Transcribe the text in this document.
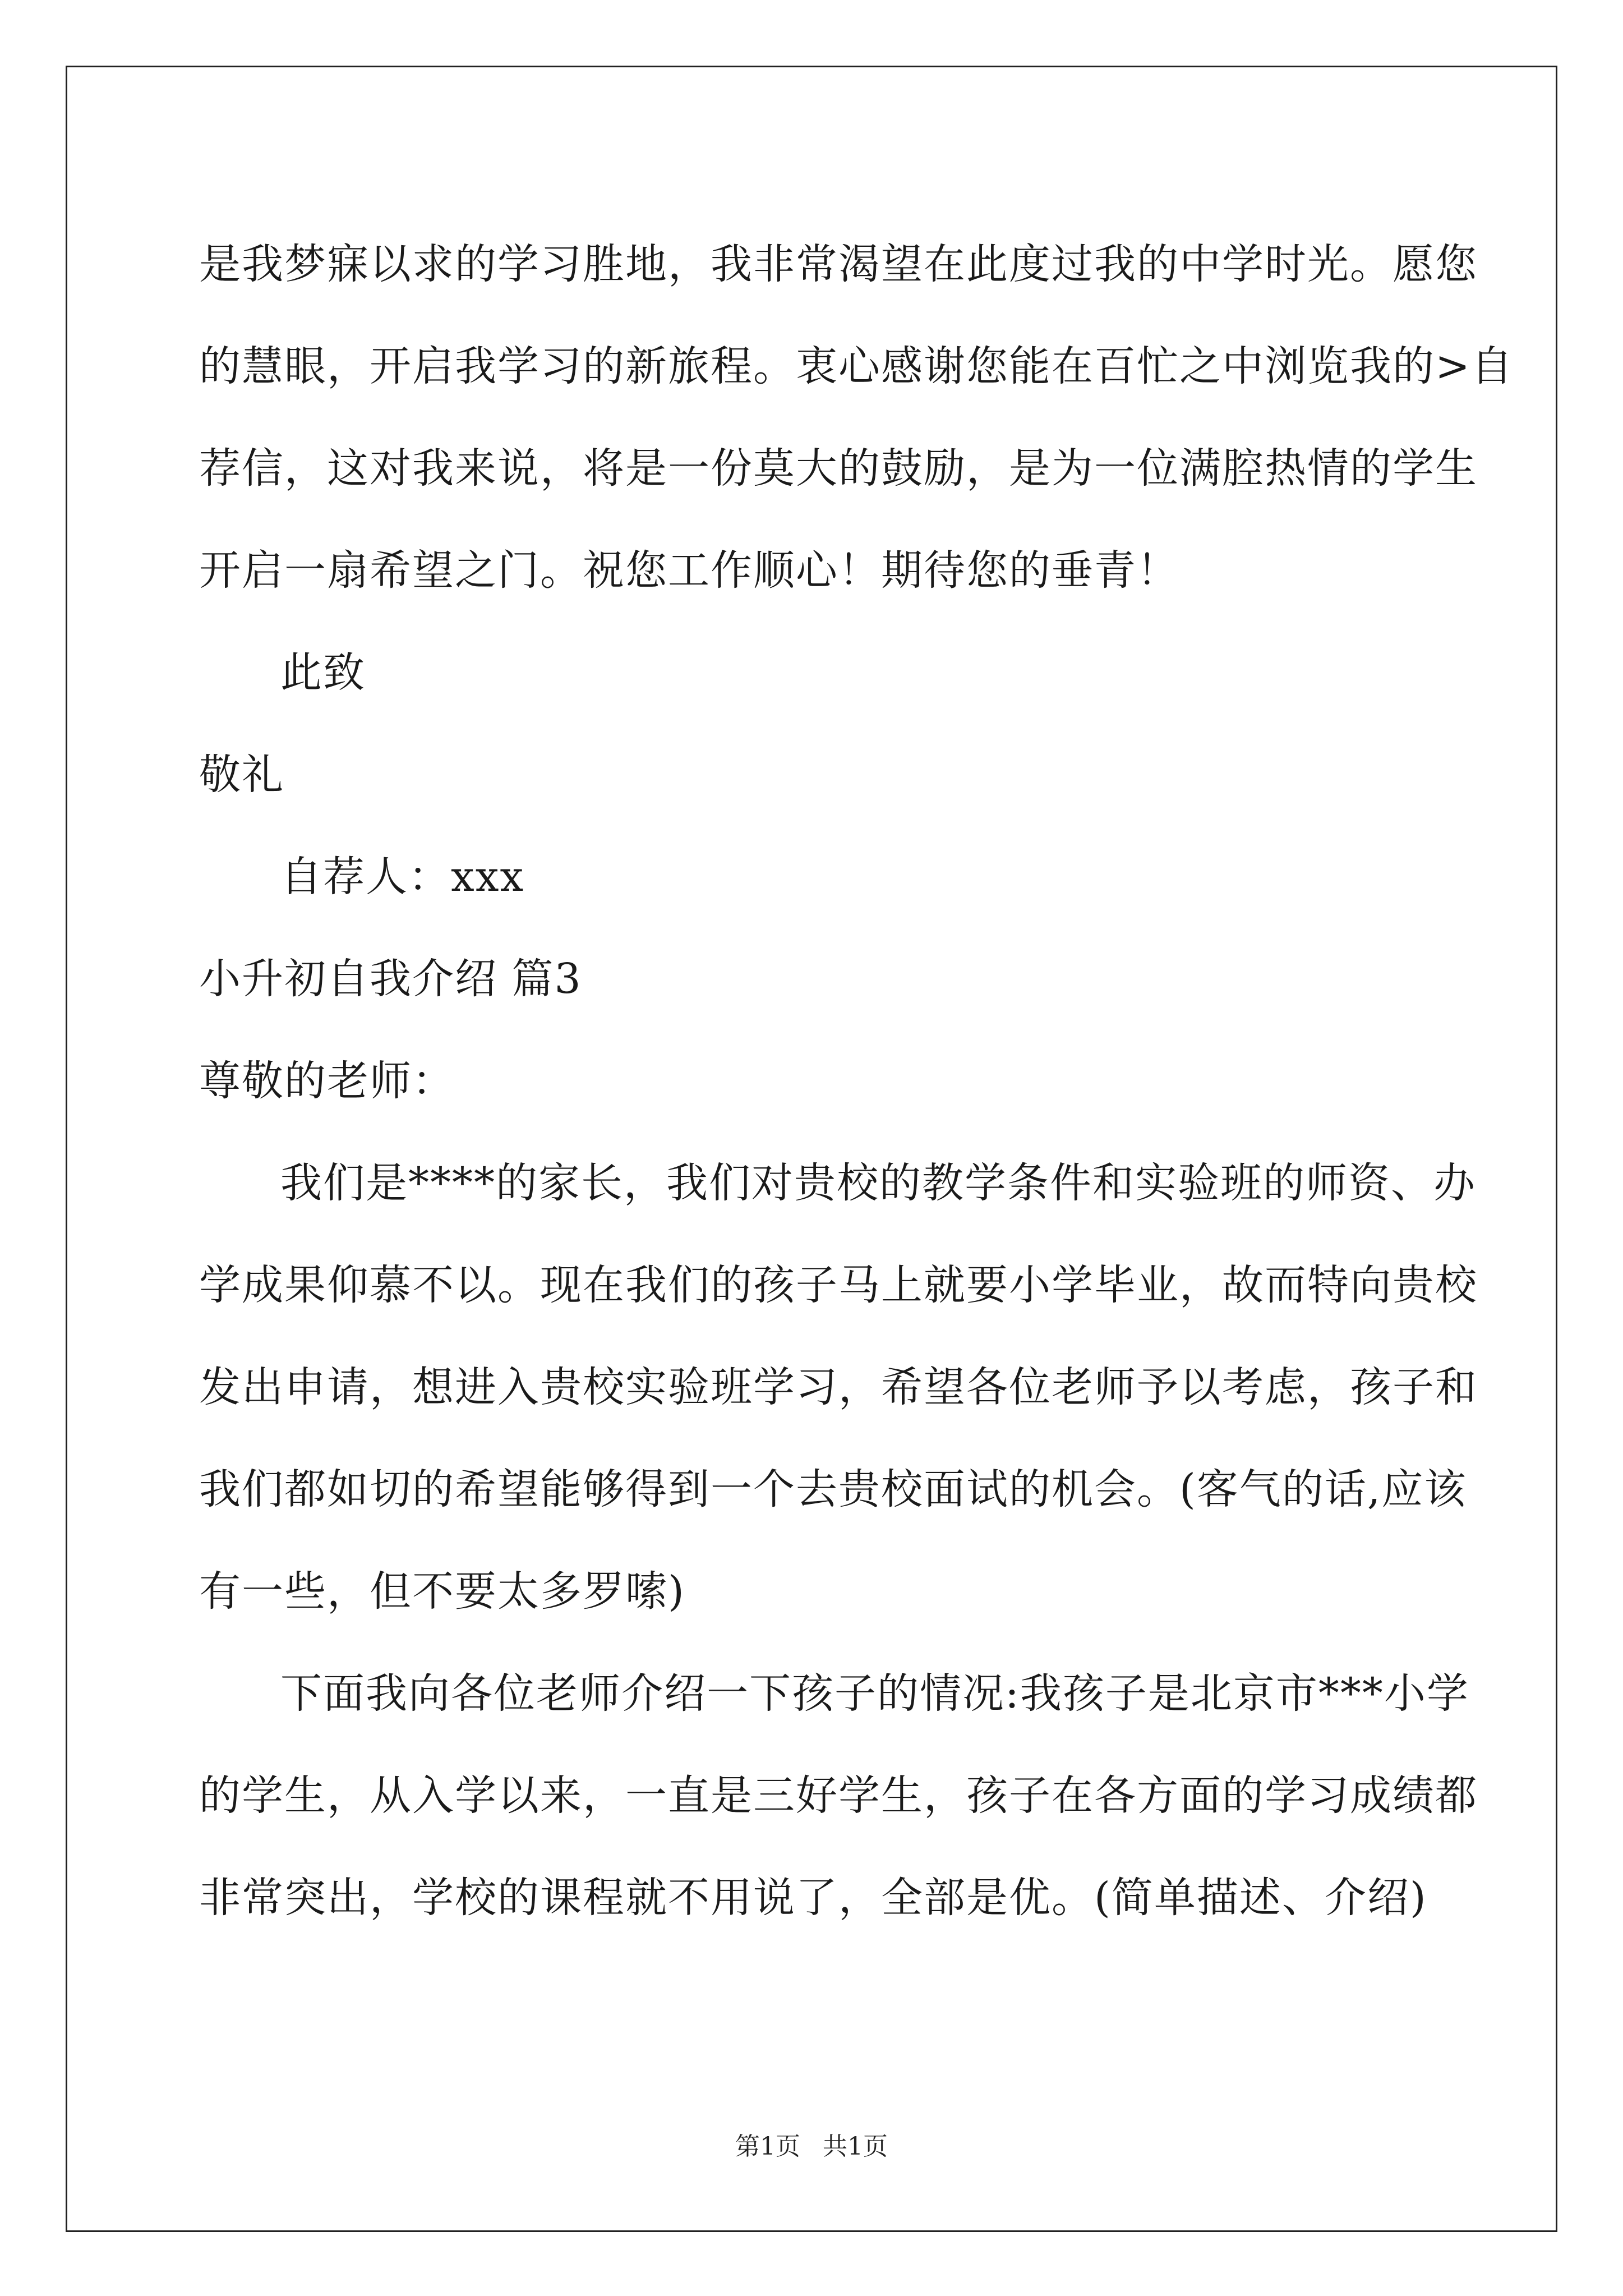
是我梦寐以求的学习胜地，我非常渴望在此度过我的中学时光。愿您
的慧眼，开启我学习的新旅程。衷心感谢您能在百忙之中浏览我的>自
荐信，这对我来说，将是一份莫大的鼓励，是为一位满腔热情的学生
开启一扇希望之门。祝您工作顺心！期待您的垂青！
此致
敬礼
自荐人：xxx
小升初自我介绍 篇3
尊敬的老师：
我们是****的家长，我们对贵校的教学条件和实验班的师资、办
学成果仰慕不以。现在我们的孩子马上就要小学毕业，故而特向贵校
发出申请，想进入贵校实验班学习，希望各位老师予以考虑，孩子和
我们都如切的希望能够得到一个去贵校面试的机会。(客气的话,应该
有一些，但不要太多罗嗦)
下面我向各位老师介绍一下孩子的情况:我孩子是北京市***小学
的学生，从入学以来，一直是三好学生，孩子在各方面的学习成绩都
非常突出，学校的课程就不用说了，全部是优。(简单描述、介绍)
第1页 共1页
